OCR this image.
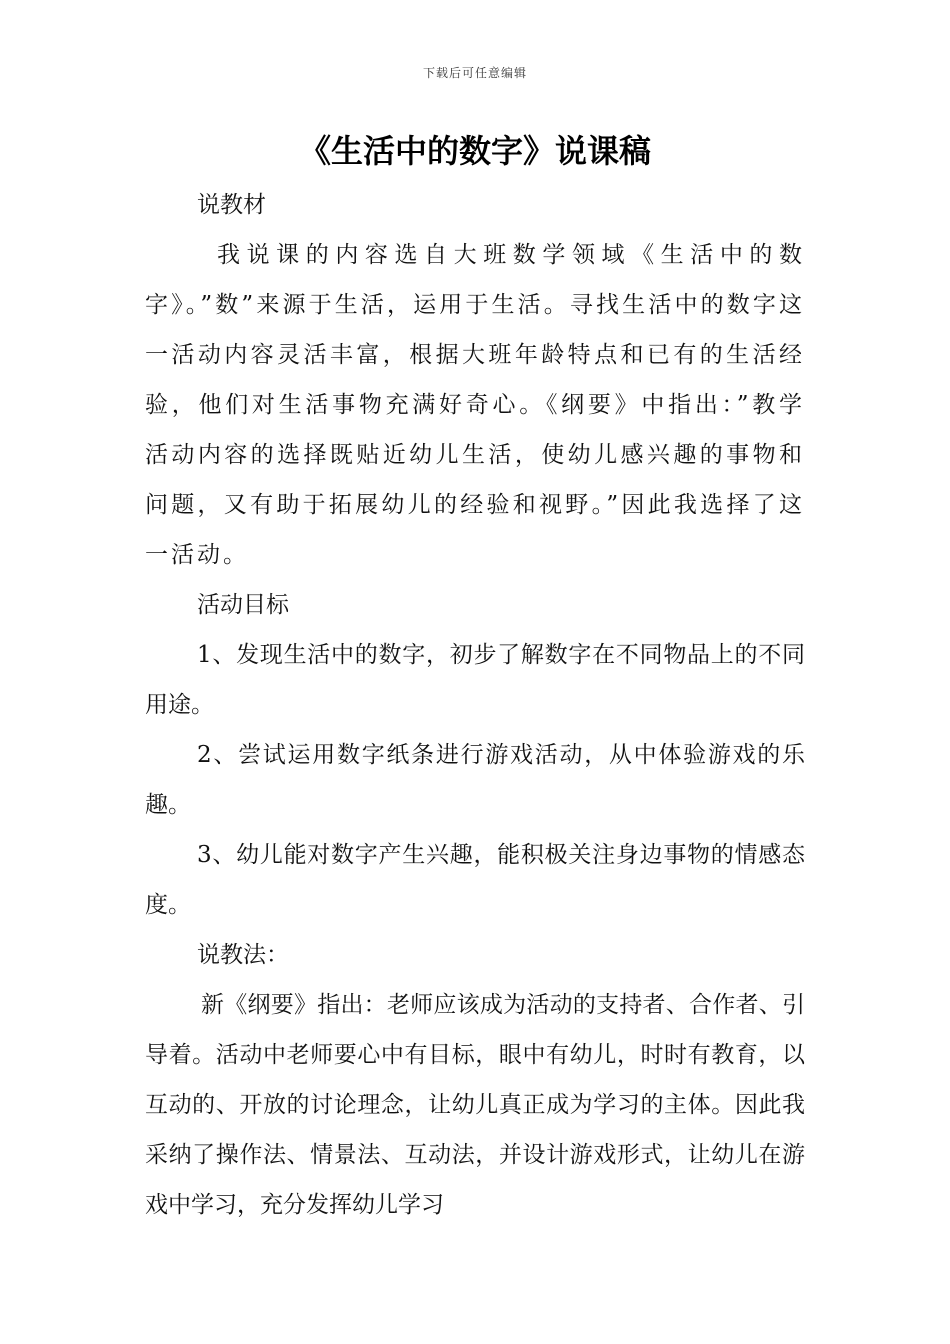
下载后可任意编辑
《生活中的数字》说课稿

说教材

我说课的内容选自大班数学领域《生活中的数字》。”数”来源于生活，运用于生活。寻找生活中的数字这一活动内容灵活丰富，根据大班年龄特点和已有的生活经验，他们对生活事物充满好奇心。《纲要》中指出：”教学活动内容的选择既贴近幼儿生活，使幼儿感兴趣的事物和问题，又有助于拓展幼儿的经验和视野。”因此我选择了这一活动。

活动目标

1、发现生活中的数字，初步了解数字在不同物品上的不同用途。

2、尝试运用数字纸条进行游戏活动，从中体验游戏的乐趣。

3、幼儿能对数字产生兴趣，能积极关注身边事物的情感态度。

说教法：

新《纲要》指出：老师应该成为活动的支持者、合作者、引导着。活动中老师要心中有目标，眼中有幼儿，时时有教育，以互动的、开放的讨论理念，让幼儿真正成为学习的主体。因此我采纳了操作法、情景法、互动法，并设计游戏形式，让幼儿在游戏中学习，充分发挥幼儿学习
